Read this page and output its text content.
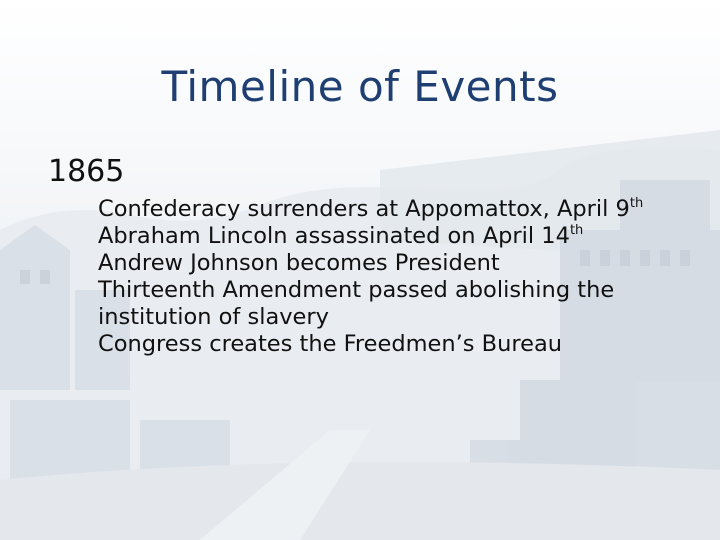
Timeline of Events
1865
Confederacy surrenders at Appomattox, April 9th
Abraham Lincoln assassinated on April 14th
Andrew Johnson becomes President
Thirteenth Amendment passed abolishing the institution of slavery
Congress creates the Freedmen’s Bureau
